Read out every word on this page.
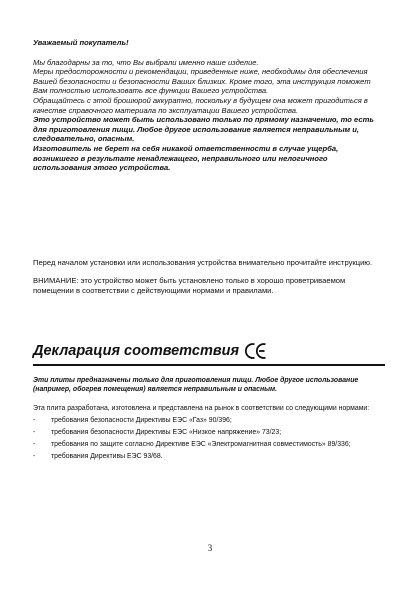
Уважаемый покупатель!

Мы благодарны за то, что Вы выбрали именно наше изделие.

Меры предосторожности и рекомендации, приведенные ниже, необходимы для обеспечения Вашей безопасности и безопасности Ваших близких. Кроме того, эта инструкция поможет Вам полностью использовать все функции Вашего устройства.

Обращайтесь с этой брошюрой аккуратно, поскольку в будущем она может пригодиться в качестве справочного материала по эксплуатации Вашего устройства.

Это устройство может быть использовано только по прямому назначению, то есть для приготовления пищи. Любое другое использование является неправильным и, следовательно, опасным.

Изготовитель не берет на себя никакой ответственности в случае ущерба, возникшего в результате ненадлежащего, неправильного или нелогичного использования этого устройства.

Перед началом установки или использования устройства внимательно прочитайте инструкцию.

ВНИМАНИЕ: это устройство может быть установлено только в хорошо проветриваемом помещении в соответствии с действующими нормами и правилами.

Декларация соответствия
Эти плиты предназначены только для приготовления пищи. Любое другое использование (например, обогрев помещения) является неправильным и опасным.
Эта плита разработана, изготовлена и представлена на рынок в соответствии со следующими нормами:
- требования безопасности Директивы ЕЭС «Газ» 90/396;
- требования безопасности Директивы ЕЭС «Низкое напряжение» 73/23;
- требования по защите согласно Директиве ЕЭС «Электромагнитная совместимость» 89/336;
- требования Директивы ЕЭС 93/68.
3
